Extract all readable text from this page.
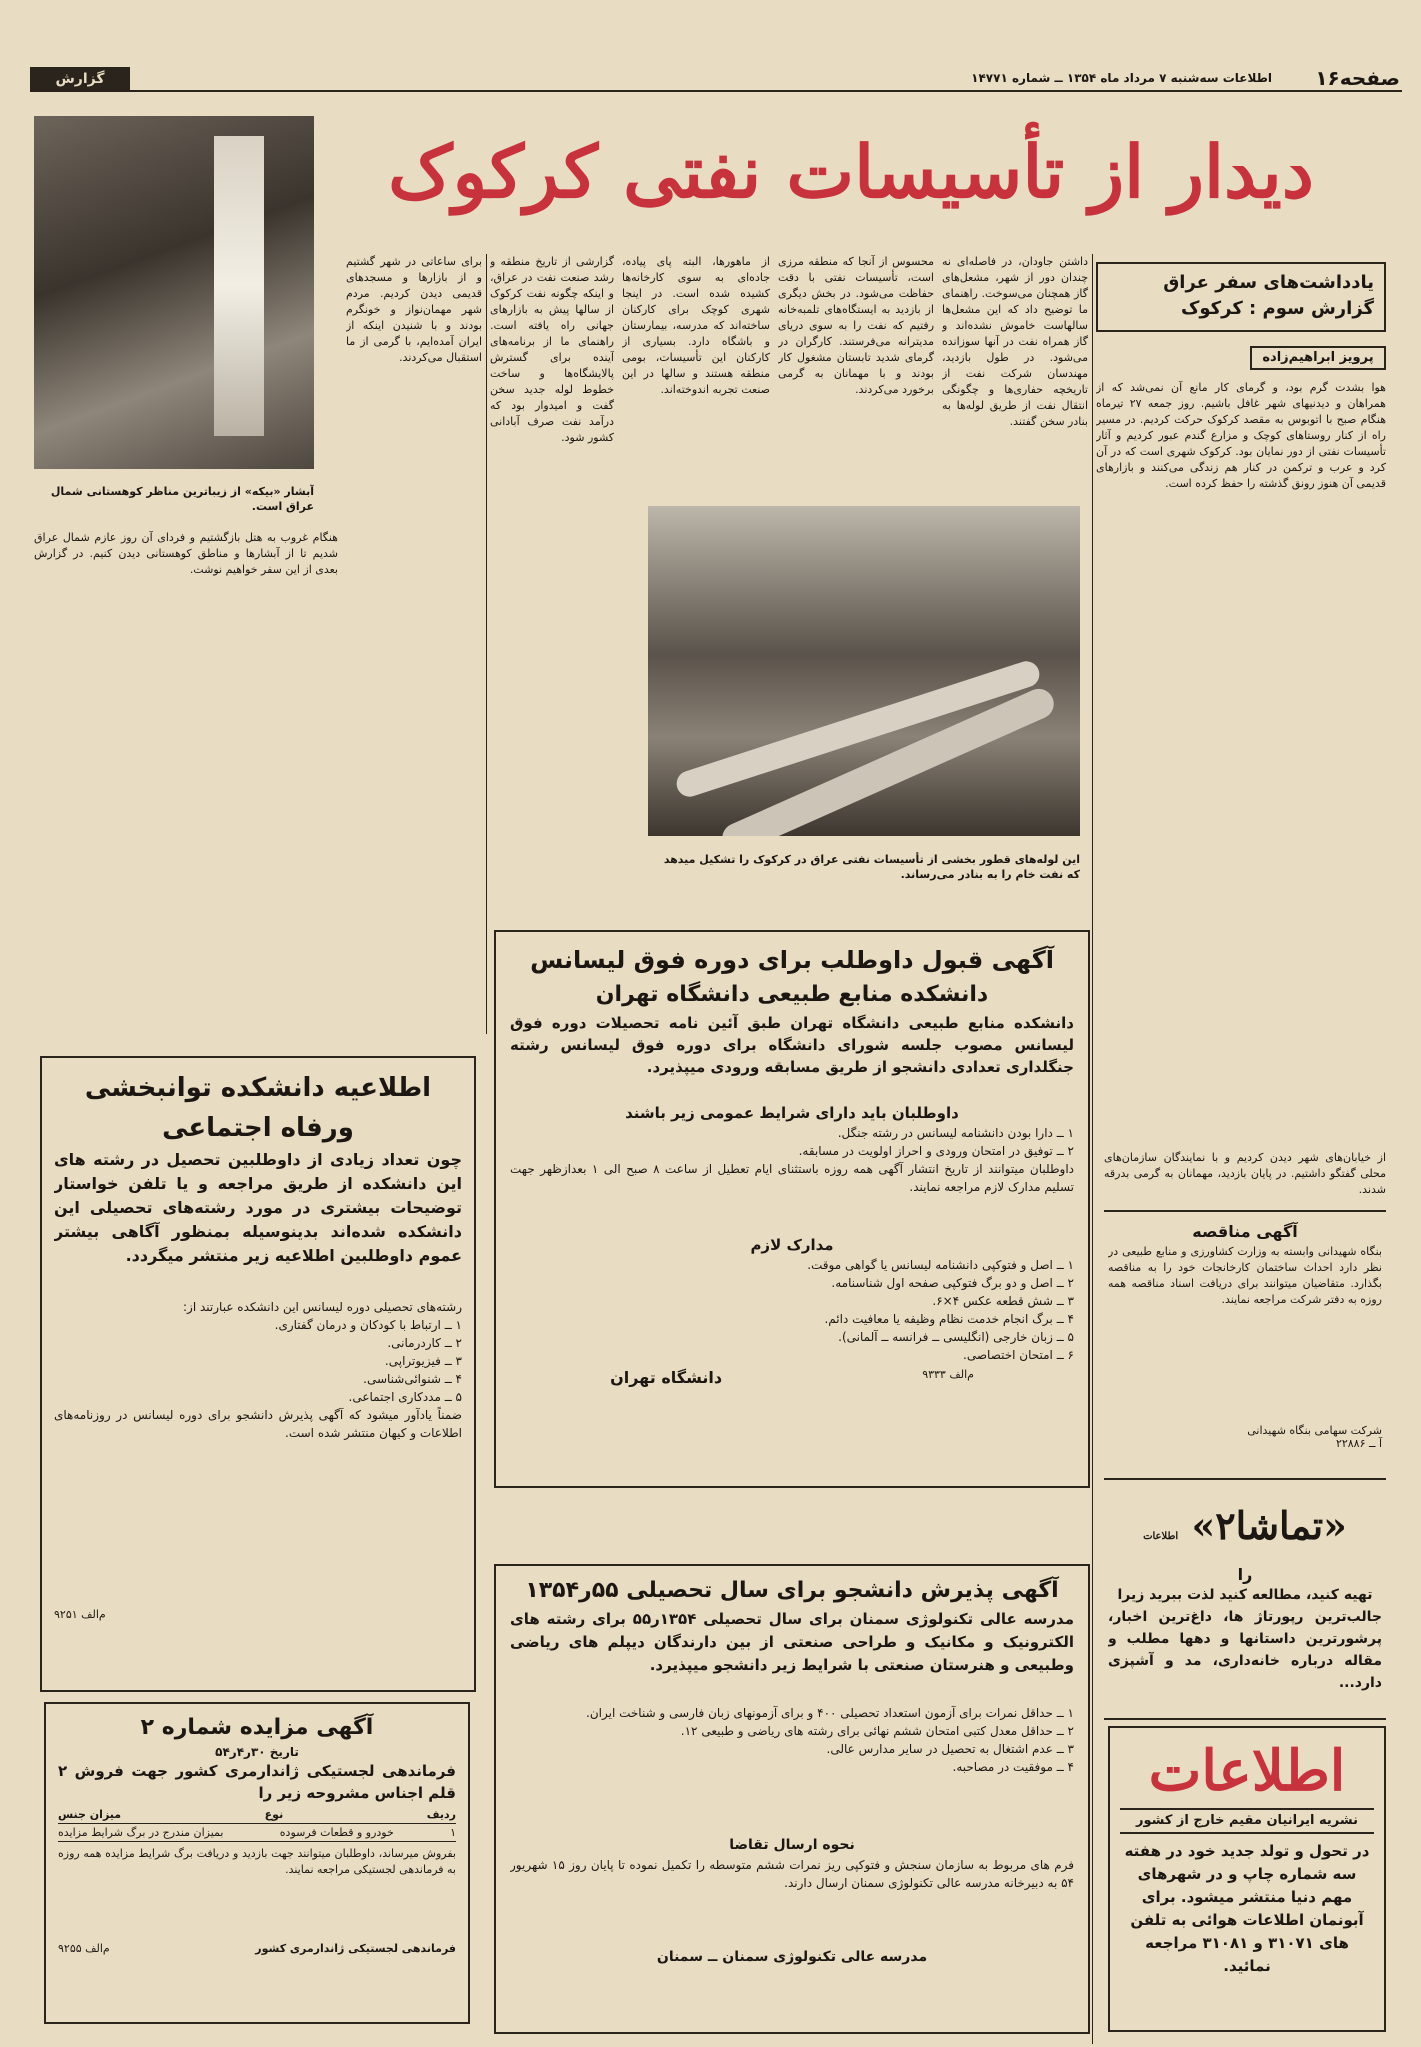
صفحه۱۶
اطلاعات سه‌شنبه ۷ مرداد ماه ۱۳۵۴ ــ شماره ۱۴۷۷۱
گزارش
دیدار از تأسیسات نفتی کرکوک
آبشار «بیکه» از زیباترین مناظر کوهستانی شمال عراق است.
یادداشت‌های سفر عراق
گزارش سوم : کرکوک
پرویز ابراهیم‌زاده
هوا بشدت گرم بود، و گرمای کار مانع آن نمی‌شد که از همراهان و دیدنیهای شهر غافل باشیم. روز جمعه ۲۷ تیرماه هنگام صبح با اتوبوس به مقصد کرکوک حرکت کردیم. در مسیر راه از کنار روستاهای کوچک و مزارع گندم عبور کردیم و آثار تأسیسات نفتی از دور نمایان بود. کرکوک شهری است که در آن کرد و عرب و ترکمن در کنار هم زندگی می‌کنند و بازارهای قدیمی آن هنوز رونق گذشته را حفظ کرده است.
داشتن جاودان، در فاصله‌ای نه چندان دور از شهر، مشعل‌های گاز همچنان می‌سوخت. راهنمای ما توضیح داد که این مشعل‌ها سالهاست خاموش نشده‌اند و گاز همراه نفت در آنها سوزانده می‌شود. در طول بازدید، مهندسان شرکت نفت از تاریخچه حفاری‌ها و چگونگی انتقال نفت از طریق لوله‌ها به بنادر سخن گفتند.
محسوس از آنجا که منطقه مرزی است، تأسیسات نفتی با دقت حفاظت می‌شود. در بخش دیگری از بازدید به ایستگاه‌های تلمبه‌خانه رفتیم که نفت را به سوی دریای مدیترانه می‌فرستند. کارگران در گرمای شدید تابستان مشغول کار بودند و با مهمانان به گرمی برخورد می‌کردند.
از ماهورها، البته پای پیاده، جاده‌ای به سوی کارخانه‌ها کشیده شده است. در اینجا شهری کوچک برای کارکنان ساخته‌اند که مدرسه، بیمارستان و باشگاه دارد. بسیاری از کارکنان این تأسیسات، بومی منطقه هستند و سالها در این صنعت تجربه اندوخته‌اند.
گزارشی از تاریخ منطقه و رشد صنعت نفت در عراق، و اینکه چگونه نفت کرکوک از سالها پیش به بازارهای جهانی راه یافته است. راهنمای ما از برنامه‌های آینده برای گسترش پالایشگاه‌ها و ساخت خطوط لوله جدید سخن گفت و امیدوار بود که درآمد نفت صرف آبادانی کشور شود.
این لوله‌های قطور بخشی از تأسیسات نفتی عراق در کرکوک را تشکیل میدهد که نفت خام را به بنادر می‌رساند.
برای ساعاتی در شهر گشتیم و از بازارها و مسجدهای قدیمی دیدن کردیم. مردم شهر مهمان‌نواز و خونگرم بودند و با شنیدن اینکه از ایران آمده‌ایم، با گرمی از ما استقبال می‌کردند.
هنگام غروب به هتل بازگشتیم و فردای آن روز عازم شمال عراق شدیم تا از آبشارها و مناطق کوهستانی دیدن کنیم. در گزارش بعدی از این سفر خواهیم نوشت.
آگهی قبول داوطلب برای دوره فوق لیسانس
دانشکده منابع طبیعی دانشگاه تهران
دانشکده منابع طبیعی دانشگاه تهران طبق آئین نامه تحصیلات دوره فوق لیسانس مصوب جلسه شورای دانشگاه برای دوره فوق لیسانس رشته جنگلداری تعدادی دانشجو از طریق مسابقه ورودی میپذیرد.
داوطلبان باید دارای شرایط عمومی زیر باشند
۱ ــ دارا بودن دانشنامه لیسانس در رشته جنگل.
۲ ــ توفیق در امتحان ورودی و احراز اولویت در مسابقه.
داوطلبان میتوانند از تاریخ انتشار آگهی همه روزه باستثنای ایام تعطیل از ساعت ۸ صبح الی ۱ بعدازظهر جهت تسلیم مدارک لازم مراجعه نمایند.
مدارک لازم
۱ ــ اصل و فتوکپی دانشنامه لیسانس یا گواهی موقت.
۲ ــ اصل و دو برگ فتوکپی صفحه اول شناسنامه.
۳ ــ شش قطعه عکس ۴×۶.
۴ ــ برگ انجام خدمت نظام وظیفه یا معافیت دائم.
۵ ــ زبان خارجی (انگلیسی ــ فرانسه ــ آلمانی).
۶ ــ امتحان اختصاصی.
م‌الف ۹۳۳۳
دانشگاه تهران
اطلاعیه دانشکده توانبخشی
ورفاه اجتماعی
چون تعداد زیادی از داوطلبین تحصیل در رشته های این دانشکده از طریق مراجعه و یا تلفن خواستار توضیحات بیشتری در مورد رشته‌های تحصیلی این دانشکده شده‌اند بدینوسیله بمنظور آگاهی بیشتر عموم داوطلبین اطلاعیه زیر منتشر میگردد.
رشته‌های تحصیلی دوره لیسانس این دانشکده عبارتند از:
۱ ــ ارتباط با کودکان و درمان گفتاری.
۲ ــ کاردرمانی.
۳ ــ فیزیوتراپی.
۴ ــ شنوائی‌شناسی.
۵ ــ مددکاری اجتماعی.
ضمناً یادآور میشود که آگهی پذیرش دانشجو برای دوره لیسانس در روزنامه‌های اطلاعات و کیهان منتشر شده است.
م‌الف ۹۲۵۱
آگهی مزایده شماره ۲
تاریخ ۳۰ر۴ر۵۴
فرماندهی لجستیکی ژاندارمری کشور جهت فروش ۲ قلم اجناس مشروحه زیر را
ردیف
نوع
میزان جنس
۱
خودرو و قطعات فرسوده
بمیزان مندرج در برگ شرایط مزایده
بفروش میرساند، داوطلبان میتوانند جهت بازدید و دریافت برگ شرایط مزایده همه روزه به فرماندهی لجستیکی مراجعه نمایند.
فرماندهی لجستیکی ژاندارمری کشور
م‌الف ۹۲۵۵
آگهی مناقصه
بنگاه شهیدانی وابسته به وزارت کشاورزی و منابع طبیعی در نظر دارد احداث ساختمان کارخانجات خود را به مناقصه بگذارد. متقاضیان میتوانند برای دریافت اسناد مناقصه همه روزه به دفتر شرکت مراجعه نمایند.
شرکت سهامی بنگاه شهیدانی
آ ــ ۲۲۸۸۶
آگهی پذیرش دانشجو برای سال تحصیلی ۵۵ر۱۳۵۴
مدرسه عالی تکنولوژی سمنان برای سال تحصیلی ۱۳۵۴ر۵۵ برای رشته های الکترونیک و مکانیک و طراحی صنعتی از بین دارندگان دیپلم های ریاضی وطبیعی و هنرستان صنعتی با شرایط زیر دانشجو میپذیرد.
۱ ــ حداقل نمرات برای آزمون استعداد تحصیلی ۴۰۰ و برای آزمونهای زبان فارسی و شناخت ایران.
۲ ــ حداقل معدل کتبی امتحان ششم نهائی برای رشته های ریاضی و طبیعی ۱۲.
۳ ــ عدم اشتغال به تحصیل در سایر مدارس عالی.
۴ ــ موفقیت در مصاحبه.
نحوه ارسال تقاضا
فرم های مربوط به سازمان سنجش و فتوکپی ریز نمرات ششم متوسطه را تکمیل نموده تا پایان روز ۱۵ شهریور ۵۴ به دبیرخانه مدرسه عالی تکنولوژی سمنان ارسال دارند.
مدرسه عالی تکنولوژی سمنان ــ سمنان
«تماشا۲» اطلاعات
را
تهیه کنید، مطالعه کنید لذت ببرید زیرا
جالب‌ترین رپورتاژ ها، داغ‌ترین اخبار، پرشورترین داستانها و دهها مطلب و مقاله درباره خانه‌داری، مد و آشپزی دارد...
اطلاعات
نشریه ایرانیان مقیم خارج از کشور
در تحول و تولد جدید خود در هفته سه شماره چاپ و در شهرهای مهم دنیا منتشر میشود. برای آبونمان اطلاعات هوائی به تلفن های ۳۱۰۷۱ و ۳۱۰۸۱ مراجعه نمائید.
از خیابان‌های شهر دیدن کردیم و با نمایندگان سازمان‌های محلی گفتگو داشتیم. در پایان بازدید، مهمانان به گرمی بدرقه شدند.
